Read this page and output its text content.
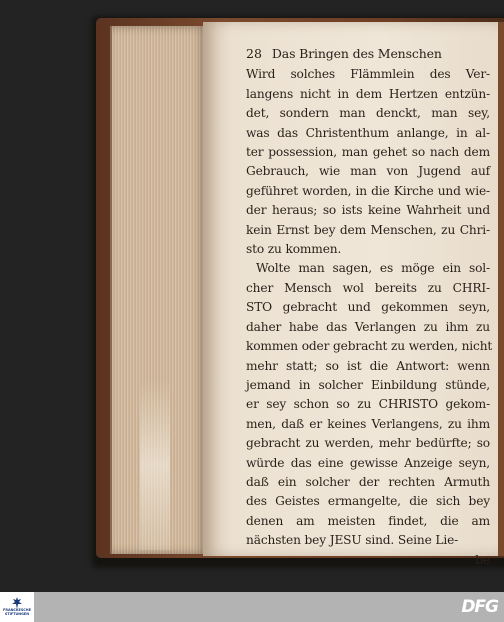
28 Das Bringen des Menschen
Wird solches Flämmlein des Ver-
langens nicht in dem Hertzen entzün-
det, sondern man denckt, man sey,
was das Christenthum anlange, in al-
ter possession, man gehet so nach dem
Gebrauch, wie man von Jugend auf
geführet worden, in die Kirche und wie-
der heraus; so ists keine Wahrheit und
kein Ernst bey dem Menschen, zu Chri-
sto zu kommen.
Wolte man sagen, es möge ein sol-
cher Mensch wol bereits zu CHRI-
STO gebracht und gekommen seyn,
daher habe das Verlangen zu ihm zu
kommen oder gebracht zu werden, nicht
mehr statt; so ist die Antwort: wenn
jemand in solcher Einbildung stünde,
er sey schon so zu CHRISTO gekom-
men, daß er keines Verlangens, zu ihm
gebracht zu werden, mehr bedürfte; so
würde das eine gewisse Anzeige seyn,
daß ein solcher der rechten Armuth
des Geistes ermangelte, die sich bey
denen am meisten findet, die am
nächsten bey JESU sind. Seine Lie-
be
FRANCKESCHE
STIFTUNGEN	DFG
